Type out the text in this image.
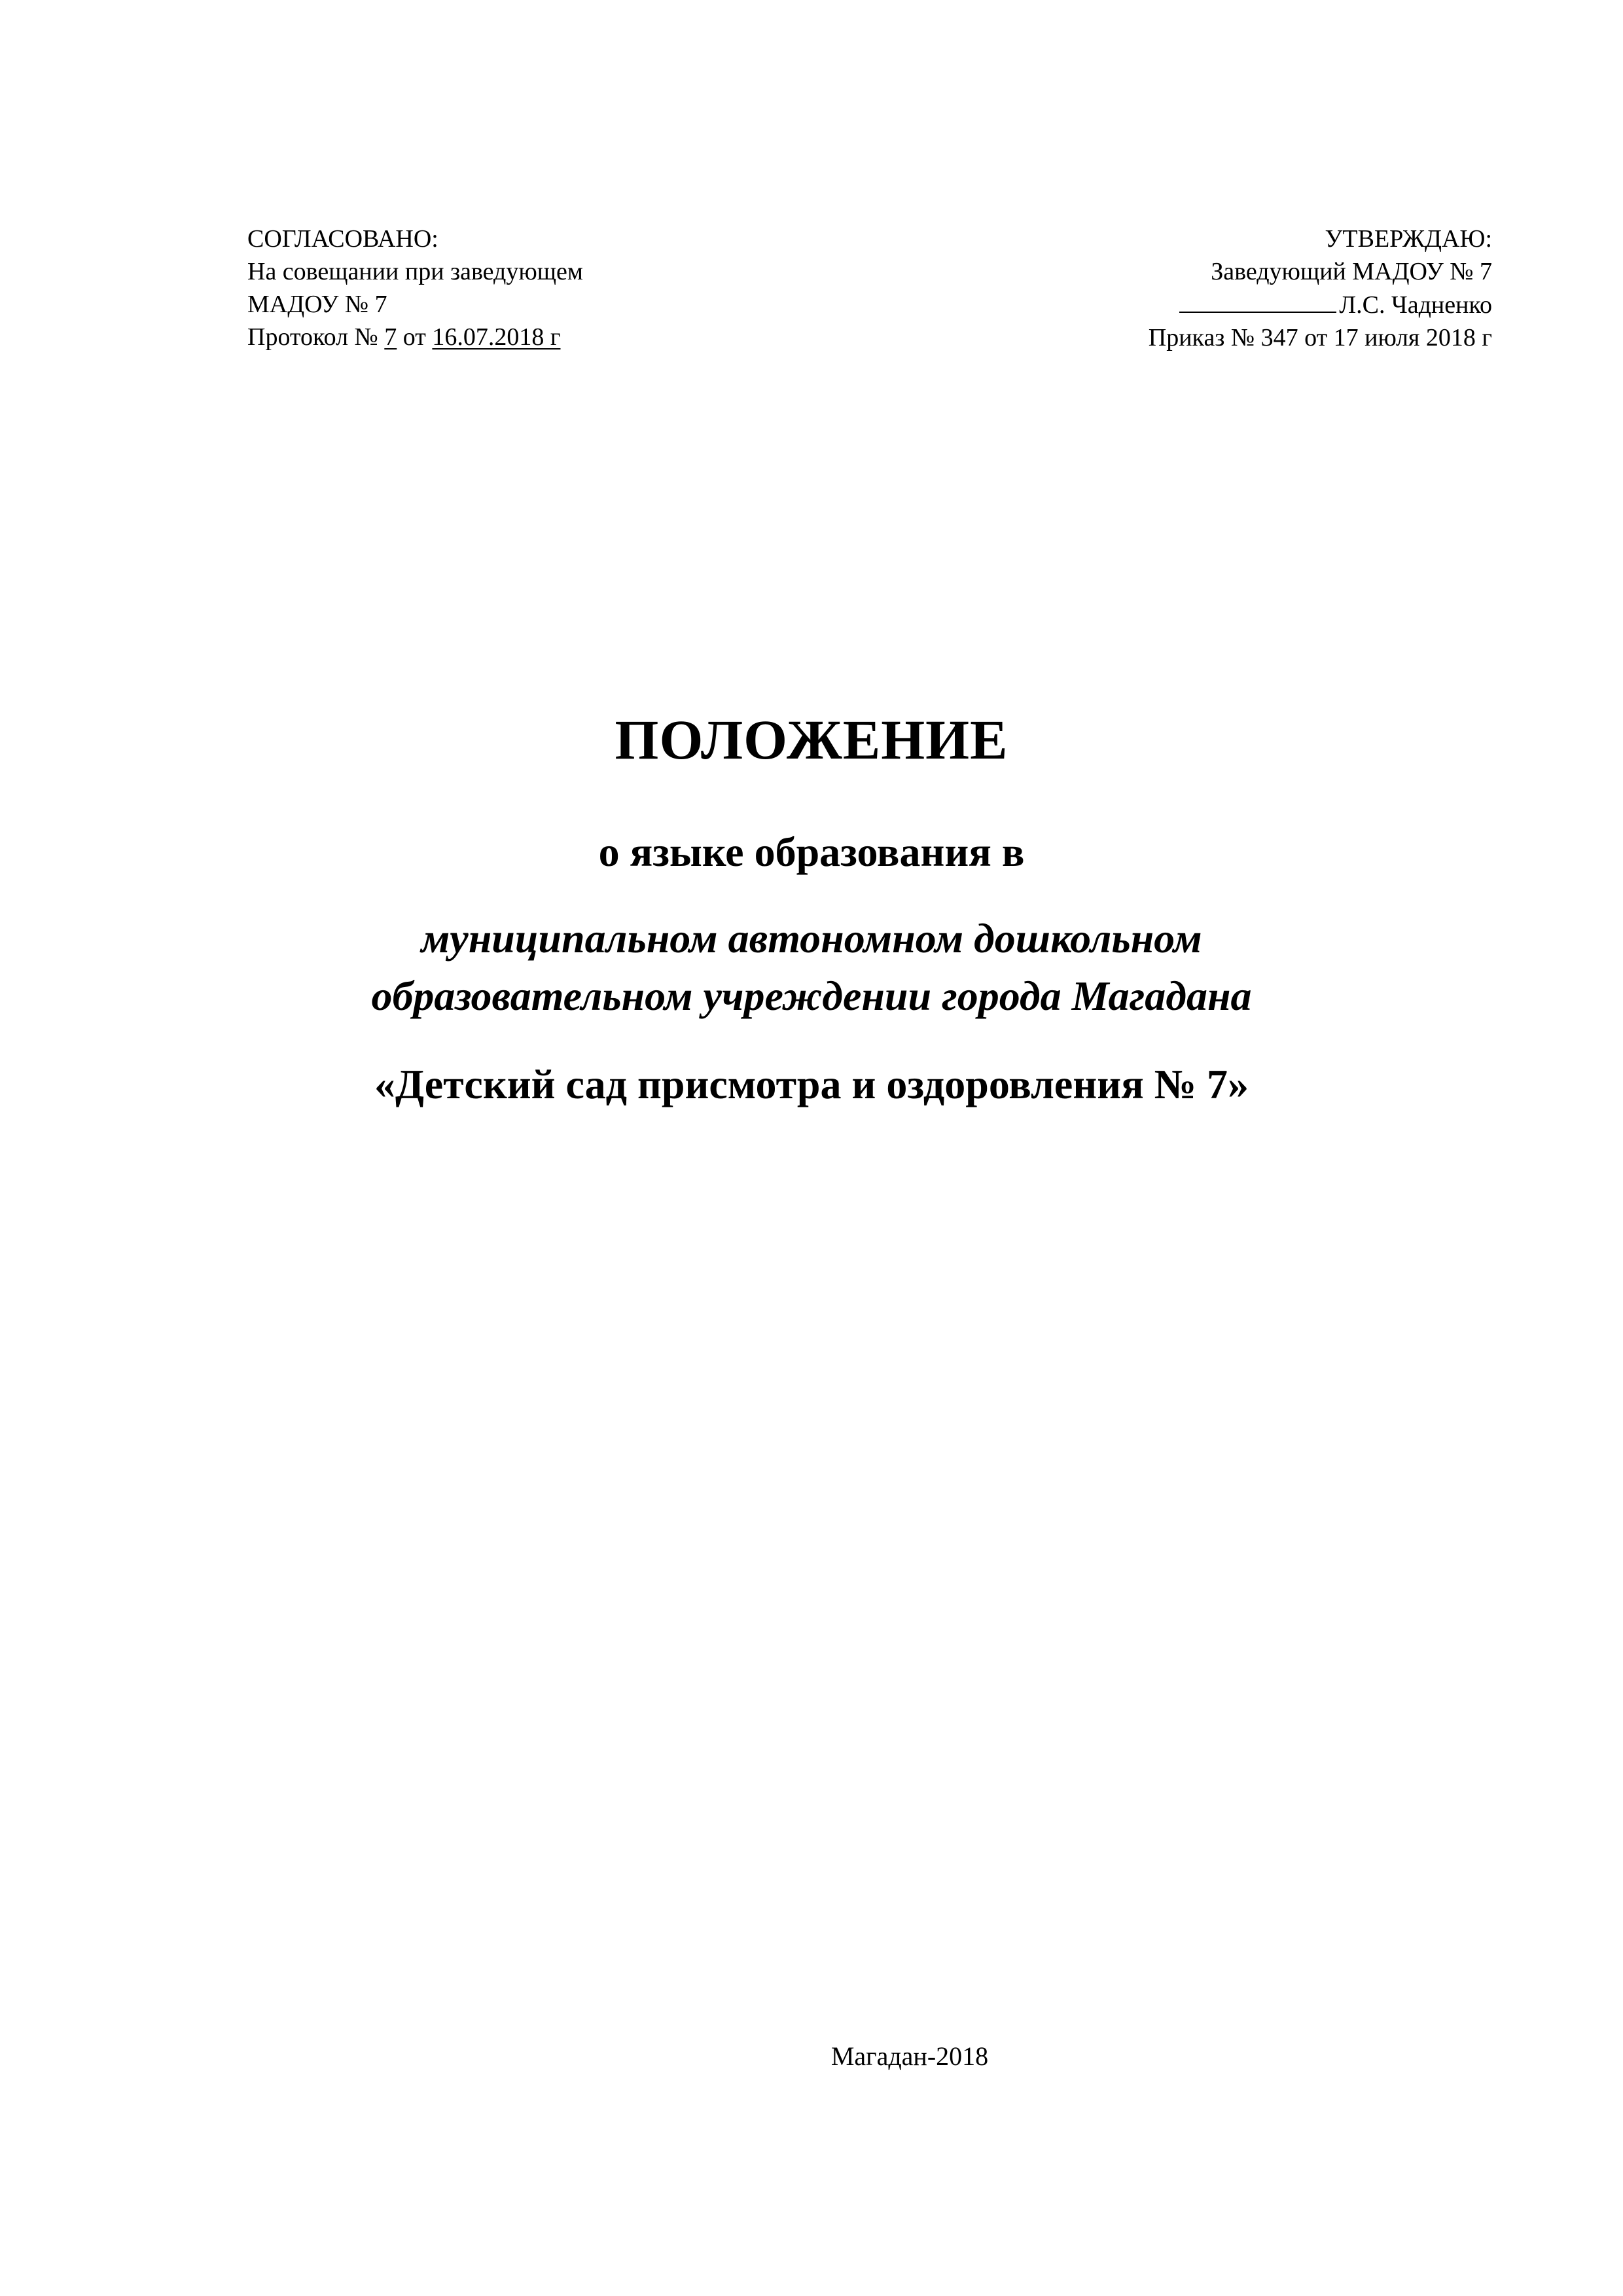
СОГЛАСОВАНО:
На совещании при заведующем
МАДОУ № 7
Протокол № 7 от 16.07.2018 г
УТВЕРЖДАЮ:
Заведующий МАДОУ № 7
Л.С. Чадненко
Приказ № 347 от 17 июля 2018 г
ПОЛОЖЕНИЕ
о языке образования в
муниципальном автономном дошкольном
образовательном учреждении города Магадана
«Детский сад присмотра и оздоровления № 7»
Магадан-2018
